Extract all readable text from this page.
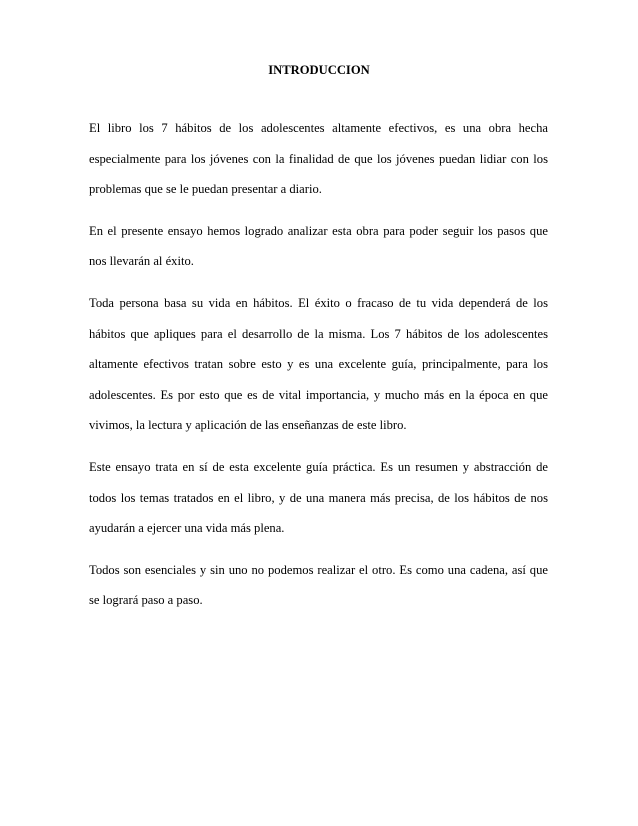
INTRODUCCION

El libro los 7 hábitos de los adolescentes altamente efectivos, es una obra hecha especialmente para los jóvenes con la finalidad de que los jóvenes puedan lidiar con los problemas que se le puedan presentar a diario.

En el presente ensayo hemos logrado analizar esta obra para poder seguir los pasos que nos llevarán al éxito.

Toda persona basa su vida en hábitos. El éxito o fracaso de tu vida dependerá de los hábitos que apliques para el desarrollo de la misma. Los 7 hábitos de los adolescentes altamente efectivos tratan sobre esto y es una excelente guía, principalmente, para los adolescentes. Es por esto que es de vital importancia, y mucho más en la época en que vivimos, la lectura y aplicación de las enseñanzas de este libro.

Este ensayo trata en sí de esta excelente guía práctica. Es un resumen y abstracción de todos los temas tratados en el libro, y de una manera más precisa, de los hábitos de nos ayudarán a ejercer una vida más plena.

Todos son esenciales y sin uno no podemos realizar el otro. Es como una cadena, así que se logrará paso a paso.
